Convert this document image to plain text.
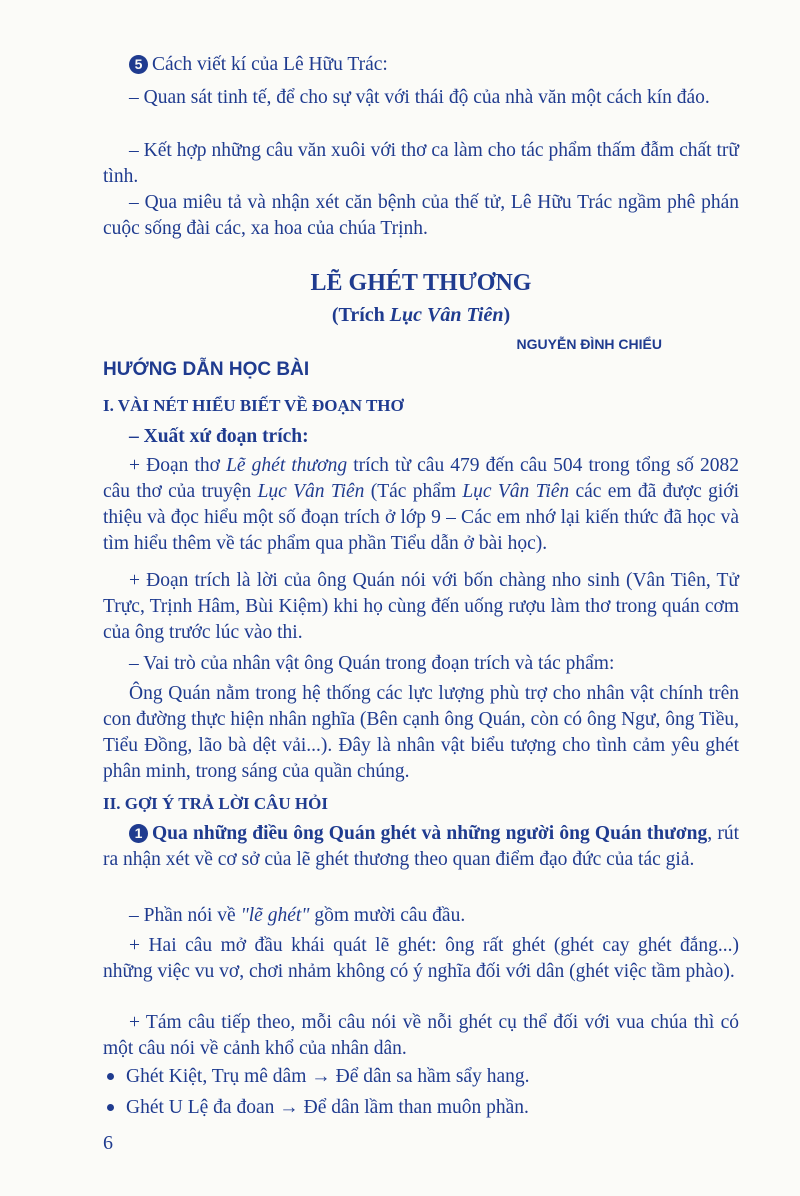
5 Cách viết kí của Lê Hữu Trác:

– Quan sát tinh tế, để cho sự vật với thái độ của nhà văn một cách kín đáo.

– Kết hợp những câu văn xuôi với thơ ca làm cho tác phẩm thấm đẫm chất trữ tình.

– Qua miêu tả và nhận xét căn bệnh của thế tử, Lê Hữu Trác ngầm phê phán cuộc sống đài các, xa hoa của chúa Trịnh.

LẼ GHÉT THƯƠNG

(Trích Lục Vân Tiên)

NGUYỄN ĐÌNH CHIỂU

HƯỚNG DẪN HỌC BÀI
I. VÀI NÉT HIỂU BIẾT VỀ ĐOẠN THƠ

– Xuất xứ đoạn trích:

+ Đoạn thơ Lẽ ghét thương trích từ câu 479 đến câu 504 trong tổng số 2082 câu thơ của truyện Lục Vân Tiên (Tác phẩm Lục Vân Tiên các em đã được giới thiệu và đọc hiểu một số đoạn trích ở lớp 9 – Các em nhớ lại kiến thức đã học và tìm hiểu thêm về tác phẩm qua phần Tiểu dẫn ở bài học).

+ Đoạn trích là lời của ông Quán nói với bốn chàng nho sinh (Vân Tiên, Tử Trực, Trịnh Hâm, Bùi Kiệm) khi họ cùng đến uống rượu làm thơ trong quán cơm của ông trước lúc vào thi.

– Vai trò của nhân vật ông Quán trong đoạn trích và tác phẩm:

Ông Quán nằm trong hệ thống các lực lượng phù trợ cho nhân vật chính trên con đường thực hiện nhân nghĩa (Bên cạnh ông Quán, còn có ông Ngư, ông Tiều, Tiểu Đồng, lão bà dệt vải...). Đây là nhân vật biểu tượng cho tình cảm yêu ghét phân minh, trong sáng của quần chúng.

II. GỢI Ý TRẢ LỜI CÂU HỎI

1 Qua những điều ông Quán ghét và những người ông Quán thương, rút ra nhận xét về cơ sở của lẽ ghét thương theo quan điểm đạo đức của tác giả.

– Phần nói về "lẽ ghét" gồm mười câu đầu.

+ Hai câu mở đầu khái quát lẽ ghét: ông rất ghét (ghét cay ghét đắng...) những việc vu vơ, chơi nhảm không có ý nghĩa đối với dân (ghét việc tầm phào).

+ Tám câu tiếp theo, mỗi câu nói về nỗi ghét cụ thể đối với vua chúa thì có một câu nói về cảnh khổ của nhân dân.

Ghét Kiệt, Trụ mê dâm → Để dân sa hầm sẩy hang.

Ghét U Lệ đa đoan → Để dân lầm than muôn phần.

6
